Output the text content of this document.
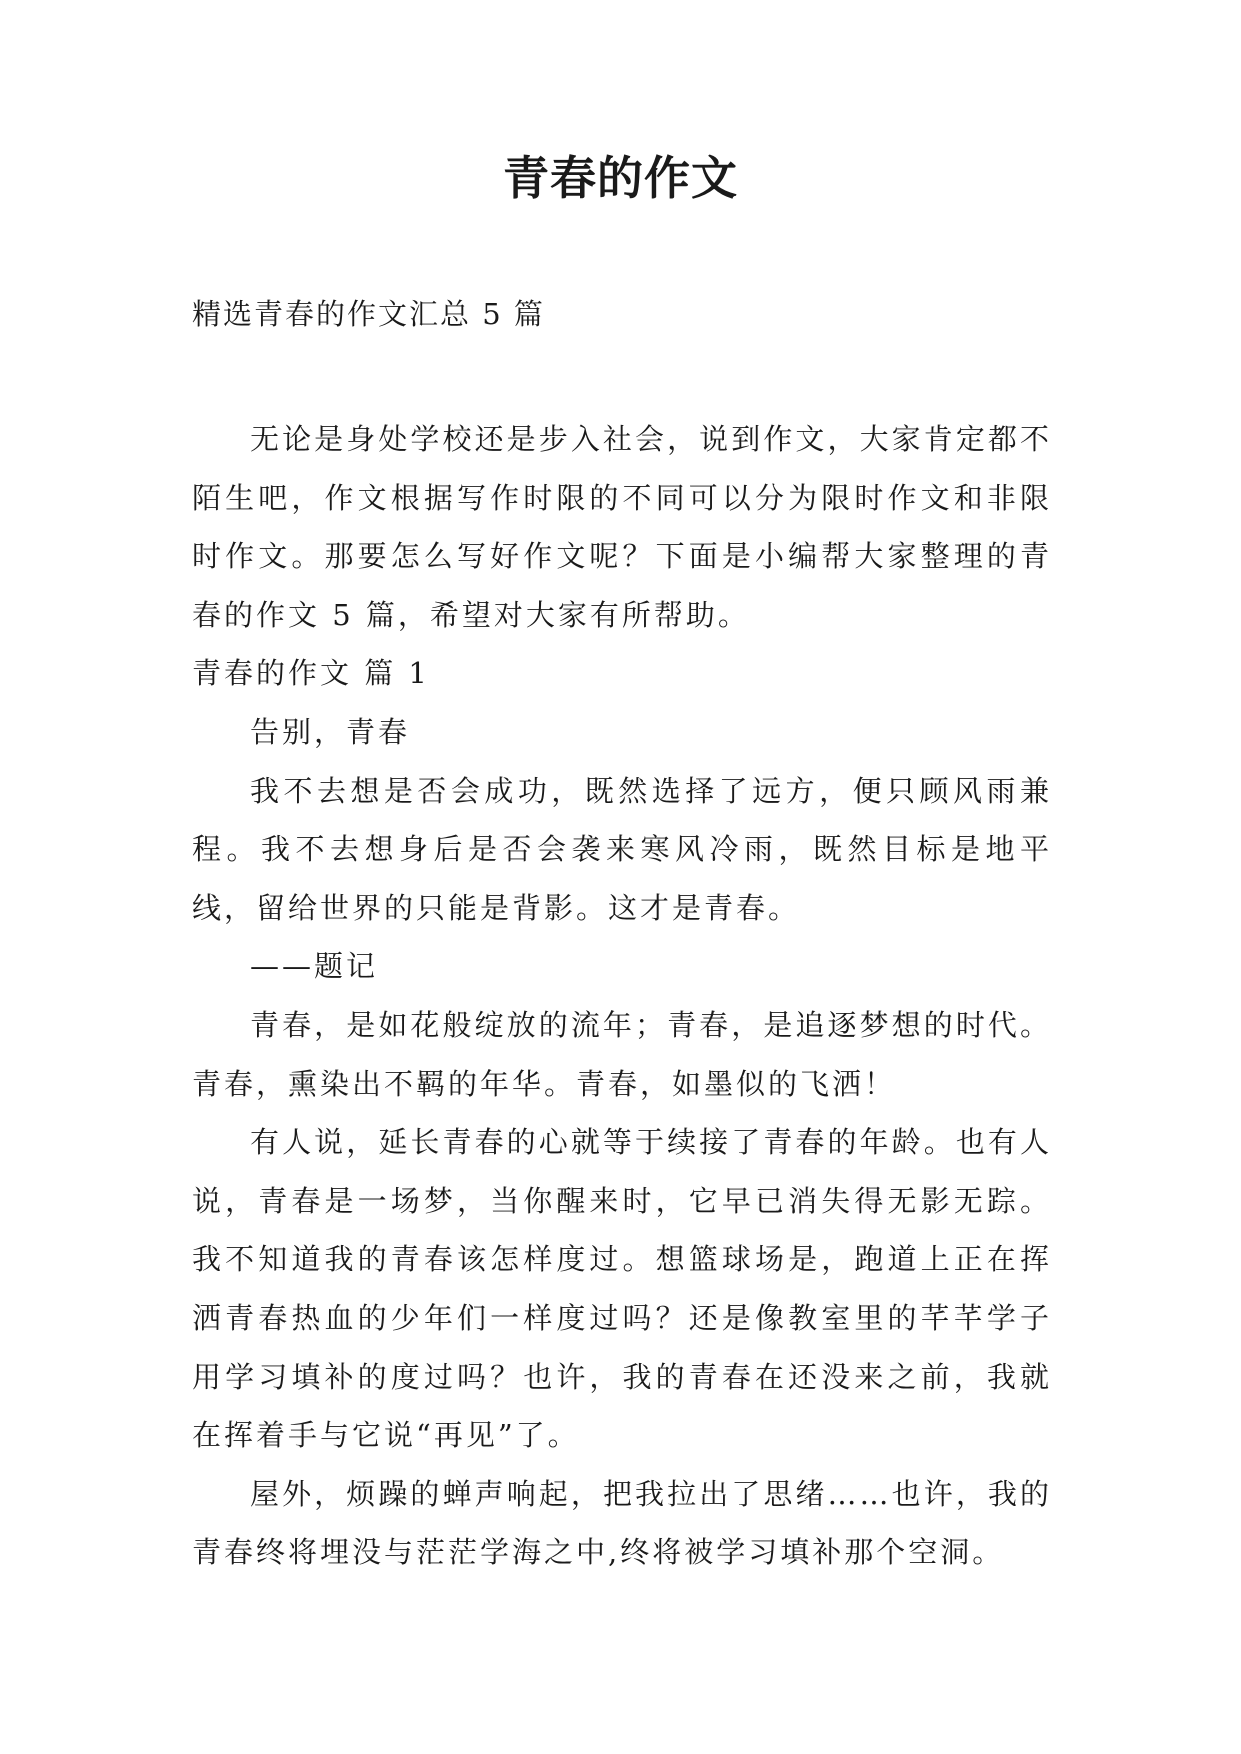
青春的作文
精选青春的作文汇总 5 篇

无论是身处学校还是步入社会，说到作文，大家肯定都不陌生吧，作文根据写作时限的不同可以分为限时作文和非限时作文。那要怎么写好作文呢？下面是小编帮大家整理的青春的作文 5 篇，希望对大家有所帮助。

青春的作文 篇 1

告别，青春

我不去想是否会成功，既然选择了远方，便只顾风雨兼程。我不去想身后是否会袭来寒风冷雨，既然目标是地平线，留给世界的只能是背影。这才是青春。

——题记

青春，是如花般绽放的流年；青春，是追逐梦想的时代。青春，熏染出不羁的年华。青春，如墨似的飞洒！

有人说，延长青春的心就等于续接了青春的年龄。也有人说，青春是一场梦，当你醒来时，它早已消失得无影无踪。我不知道我的青春该怎样度过。想篮球场是，跑道上正在挥洒青春热血的少年们一样度过吗？还是像教室里的芊芊学子用学习填补的度过吗？也许，我的青春在还没来之前，我就在挥着手与它说“再见”了。

屋外，烦躁的蝉声响起，把我拉出了思绪……也许，我的青春终将埋没与茫茫学海之中,终将被学习填补那个空洞。
